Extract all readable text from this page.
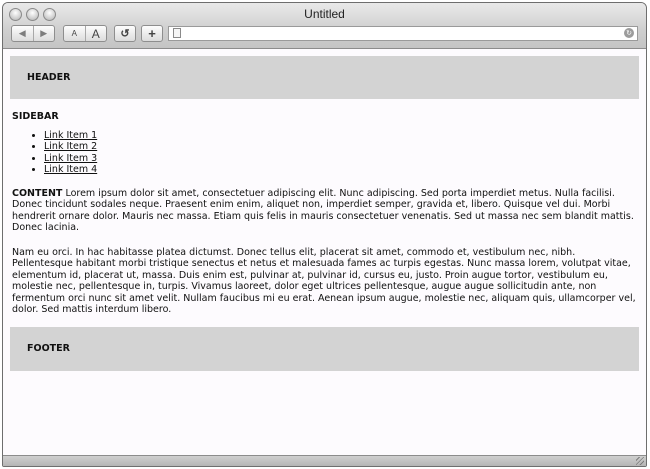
Untitled
◀	▶	A	A	↺ +	↻
HEADER
SIDEBAR
• Link Item 1
• Link Item 2
• Link Item 3
• Link Item 4

CONTENT Lorem ipsum dolor sit amet, consectetuer adipiscing elit. Nunc adipiscing. Sed porta imperdiet metus. Nulla facilisi. Donec tincidunt sodales neque. Praesent enim enim, aliquet non, imperdiet semper, gravida et, libero. Quisque vel dui. Morbi hendrerit ornare dolor. Mauris nec massa. Etiam quis felis in mauris consectetuer venenatis. Sed ut massa nec sem blandit mattis. Donec lacinia.

Nam eu orci. In hac habitasse platea dictumst. Donec tellus elit, placerat sit amet, commodo et, vestibulum nec, nibh. Pellentesque habitant morbi tristique senectus et netus et malesuada fames ac turpis egestas. Nunc massa lorem, volutpat vitae, elementum id, placerat ut, massa. Duis enim est, pulvinar at, pulvinar id, cursus eu, justo. Proin augue tortor, vestibulum eu, molestie nec, pellentesque in, turpis. Vivamus laoreet, dolor eget ultrices pellentesque, augue augue sollicitudin ante, non fermentum orci nunc sit amet velit. Nullam faucibus mi eu erat. Aenean ipsum augue, molestie nec, aliquam quis, ullamcorper vel, dolor. Sed mattis interdum libero.

FOOTER
